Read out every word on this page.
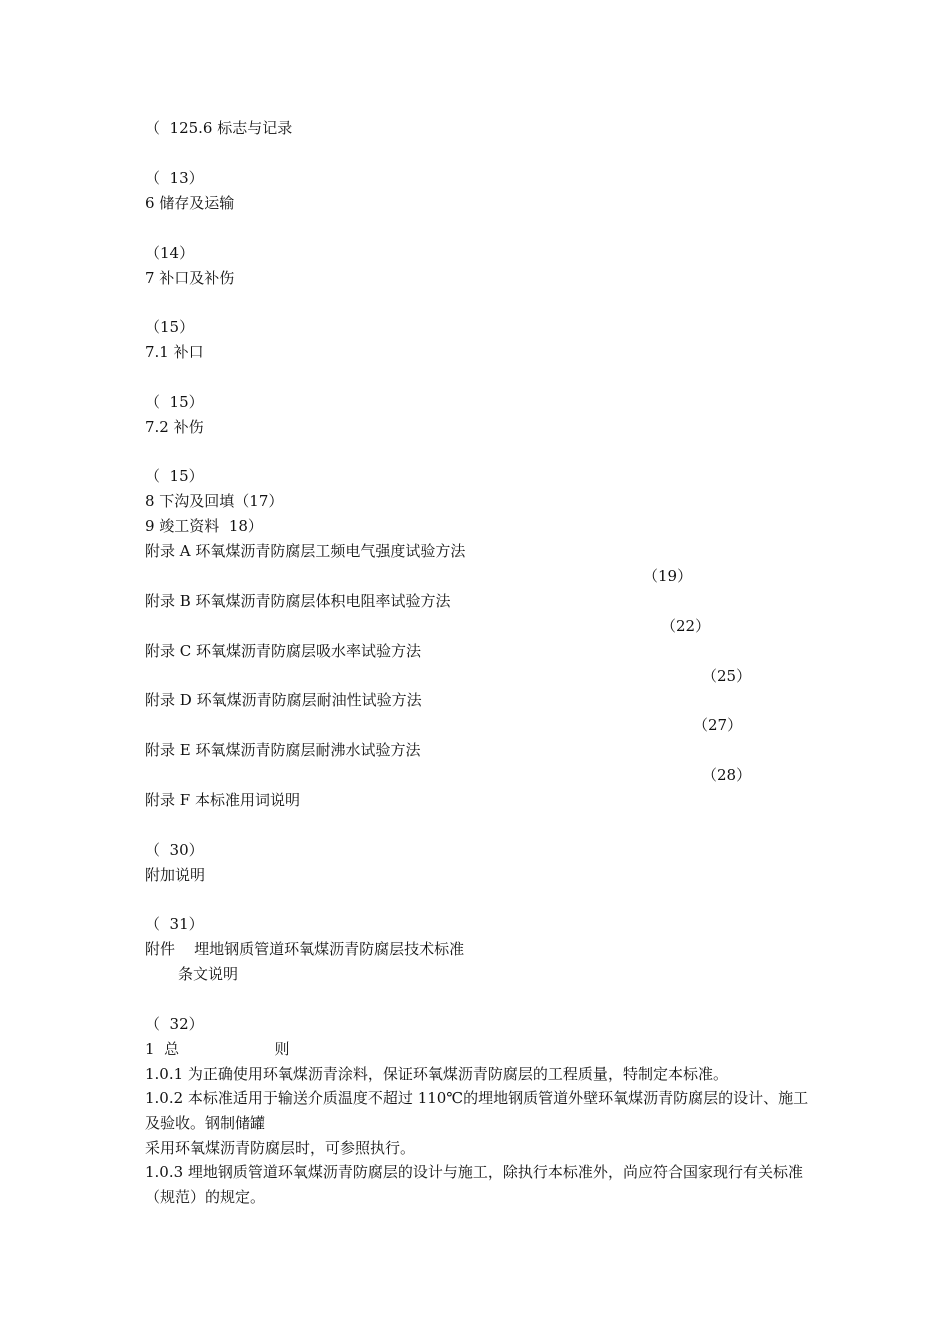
（  125.6 标志与记录
（  13）
6 储存及运输
（14）
7 补口及补伤
（15）
7.1 补口
（  15）
7.2 补伤
（  15）
8 下沟及回填（17）
9 竣工资料  18）
附录 A 环氧煤沥青防腐层工频电气强度试验方法
（19）
附录 B 环氧煤沥青防腐层体积电阻率试验方法
（22）
附录 C 环氧煤沥青防腐层吸水率试验方法
（25）
附录 D 环氧煤沥青防腐层耐油性试验方法
（27）
附录 E 环氧煤沥青防腐层耐沸水试验方法
（28）
附录 F 本标准用词说明
（  30）
附加说明
（  31）
附件    埋地钢质管道环氧煤沥青防腐层技术标准
条文说明
（  32）
1  总                    则
1.0.1 为正确使用环氧煤沥青涂料，保证环氧煤沥青防腐层的工程质量，特制定本标准。
1.0.2 本标准适用于输送介质温度不超过 110℃的埋地钢质管道外壁环氧煤沥青防腐层的设计、施工及验收。钢制储罐
采用环氧煤沥青防腐层时，可参照执行。
1.0.3 埋地钢质管道环氧煤沥青防腐层的设计与施工，除执行本标准外，尚应符合国家现行有关标准（规范）的规定。
